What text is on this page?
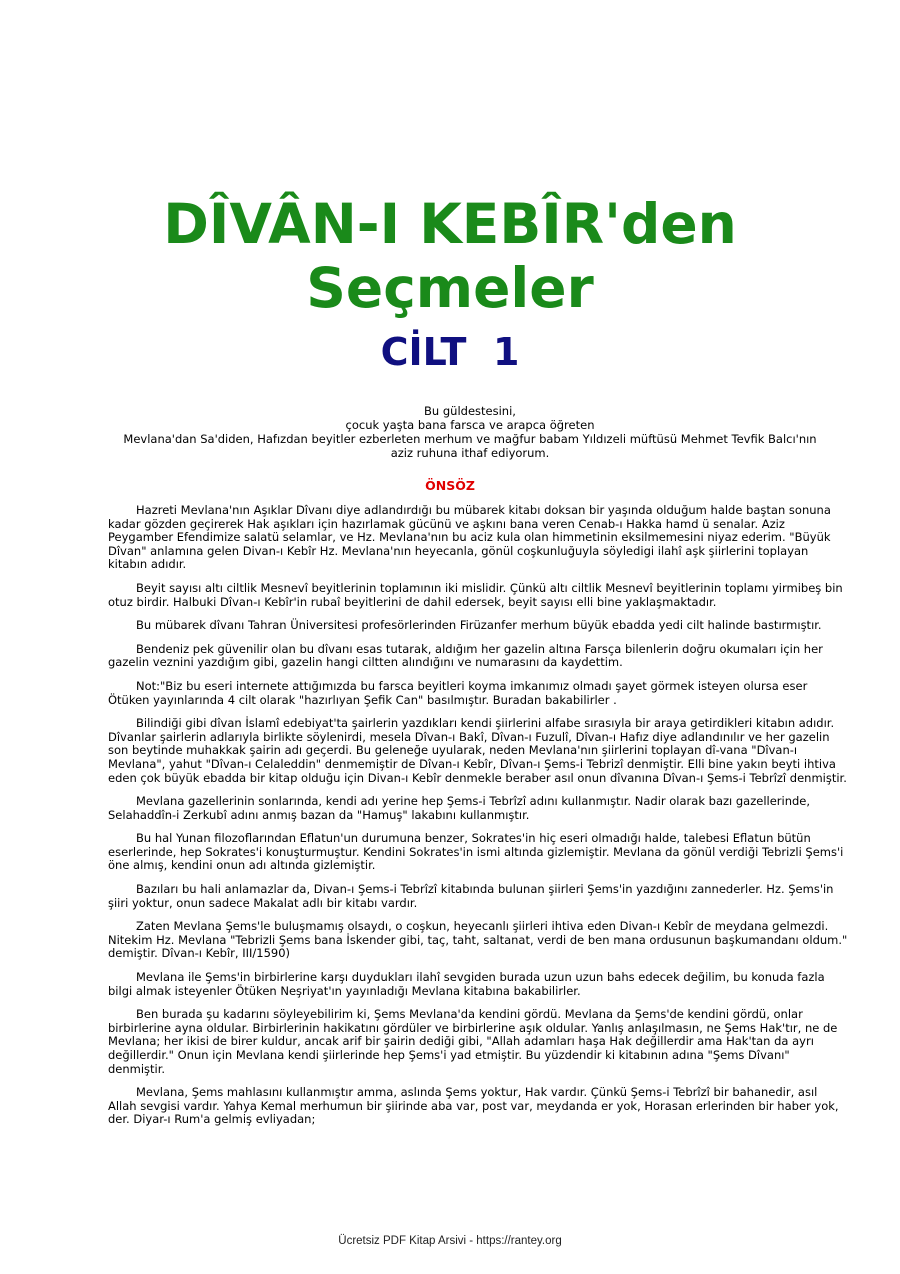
DÎVÂN-I KEBÎR'den
Seçmeler
CİLT  1
Bu güldestesini,
çocuk yaşta bana farsca ve arapca öğreten
Mevlana'dan Sa'diden, Hafızdan beyitler ezberleten merhum ve mağfur babam Yıldızeli müftüsü Mehmet Tevfik Balcı'nın
aziz ruhuna ithaf ediyorum.
ÖNSÖZ

Hazreti Mevlana'nın Aşıklar Dîvanı diye adlandırdığı bu mübarek kitabı doksan bir yaşında olduğum halde baştan sonuna kadar gözden geçirerek Hak aşıkları için hazırlamak gücünü ve aşkını bana veren Cenab-ı Hakka hamd ü senalar. Aziz Peygamber Efendimize salatü selamlar, ve Hz. Mevlana'nın bu aciz kula olan himmetinin eksilmemesini niyaz ederim. "Büyük Dîvan" anlamına gelen Divan-ı Kebîr Hz. Mevlana'nın heyecanla, gönül coşkunluğuyla söyledigi ilahî aşk şiirlerini toplayan kitabın adıdır.

Beyit sayısı altı ciltlik Mesnevî beyitlerinin toplamının iki mislidir. Çünkü altı ciltlik Mesnevî beyitlerinin toplamı yirmibeş bin otuz birdir. Halbuki Dîvan-ı Kebîr'in rubaî beyitlerini de dahil edersek, beyit sayısı elli bine yaklaşmaktadır.

Bu mübarek dîvanı Tahran Üniversitesi profesörlerinden Firüzanfer merhum büyük ebadda yedi cilt halinde bastırmıştır.

Bendeniz pek güvenilir olan bu dîvanı esas tutarak, aldığım her gazelin altına Farsça bilenlerin doğru okumaları için her gazelin veznini yazdığım gibi, gazelin hangi ciltten alındığını ve numarasını da kaydettim.

Not:"Biz bu eseri internete attığımızda bu farsca beyitleri koyma imkanımız olmadı şayet görmek isteyen olursa eser Ötüken yayınlarında 4 cilt olarak "hazırlıyan Şefik Can" basılmıştır. Buradan bakabilirler .

Bilindiği gibi dîvan İslamî edebiyat'ta şairlerin yazdıkları kendi şiirlerini alfabe sırasıyla bir araya getirdikleri kitabın adıdır. Dîvanlar şairlerin adlarıyla birlikte söylenirdi, mesela Dîvan-ı Bakî, Dîvan-ı Fuzulî, Dîvan-ı Hafız diye adlandınılır ve her gazelin son beytinde muhakkak şairin adı geçerdi. Bu geleneğe uyularak, neden Mevlana'nın şiirlerini toplayan dî-vana "Dîvan-ı Mevlana", yahut "Dîvan-ı Celaleddin" denmemiştir de Dîvan-ı Kebîr, Dîvan-ı Şems-i Tebrizî denmiştir. Elli bine yakın beyti ihtiva eden çok büyük ebadda bir kitap olduğu için Divan-ı Kebîr denmekle beraber asıl onun dîvanına Dîvan-ı Şems-i Tebrîzî denmiştir.

Mevlana gazellerinin sonlarında, kendi adı yerine hep Şems-i Tebrîzî adını kullanmıştır. Nadir olarak bazı gazellerinde, Selahaddîn-i Zerkubî adını anmış bazan da "Hamuş" lakabını kullanmıştır.

Bu hal Yunan filozoflarından Eflatun'un durumuna benzer, Sokrates'in hiç eseri olmadığı halde, talebesi Eflatun bütün eserlerinde, hep Sokrates'i konuşturmuştur. Kendini Sokrates'in ismi altında gizlemiştir. Mevlana da gönül verdiği Tebrizli Şems'i öne almış, kendini onun adı altında gizlemiştir.

Bazıları bu hali anlamazlar da, Divan-ı Şems-i Tebrîzî kitabında bulunan şiirleri Şems'in yazdığını zannederler. Hz. Şems'in şiiri yoktur, onun sadece Makalat adlı bir kitabı vardır.

Zaten Mevlana Şems'le buluşmamış olsaydı, o coşkun, heyecanlı şiirleri ihtiva eden Divan-ı Kebîr de meydana gelmezdi. Nitekim Hz. Mevlana "Tebrizli Şems bana İskender gibi, taç, taht, saltanat, verdi de ben mana ordusunun başkumandanı oldum." demiştir. Dîvan-ı Kebîr, III/1590)

Mevlana ile Şems'in birbirlerine karşı duydukları ilahî sevgiden burada uzun uzun bahs edecek değilim, bu konuda fazla bilgi almak isteyenler Ötüken Neşriyat'ın yayınladığı Mevlana kitabına bakabilirler.

Ben burada şu kadarını söyleyebilirim ki, Şems Mevlana'da kendini gördü. Mevlana da Şems'de kendini gördü, onlar birbirlerine ayna oldular. Birbirlerinin hakikatını gördüler ve birbirlerine aşık oldular. Yanlış anlaşılmasın, ne Şems Hak'tır, ne de Mevlana; her ikisi de birer kuldur, ancak arif bir şairin dediği gibi, "Allah adamları haşa Hak değillerdir ama Hak'tan da ayrı değillerdir." Onun için Mevlana kendi şiirlerinde hep Şems'i yad etmiştir. Bu yüzdendir ki kitabının adına "Şems Dîvanı" denmiştir.

Mevlana, Şems mahlasını kullanmıştır amma, aslında Şems yoktur, Hak vardır. Çünkü Şems-i Tebrîzî bir bahanedir, asıl Allah sevgisi vardır. Yahya Kemal merhumun bir şiirinde aba var, post var, meydanda er yok, Horasan erlerinden bir haber yok, der. Diyar-ı Rum'a gelmiş evliyadan;

Ücretsiz PDF Kitap Arsivi - https://rantey.org
